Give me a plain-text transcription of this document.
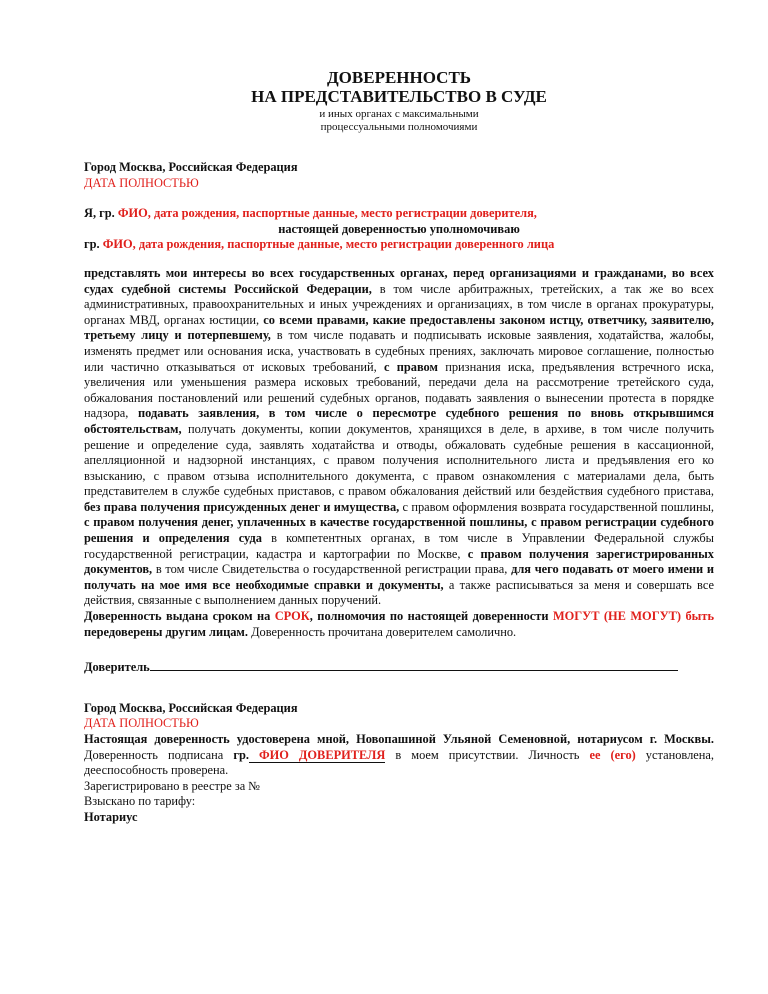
ДОВЕРЕННОСТЬ
НА ПРЕДСТАВИТЕЛЬСТВО В СУДЕ
и иных органах с максимальными
процессуальными полномочиями
Город Москва, Российская Федерация
ДАТА ПОЛНОСТЬЮ
Я, гр. ФИО, дата рождения, паспортные данные, место регистрации доверителя,
настоящей доверенностью уполномочиваю
гр. ФИО, дата рождения, паспортные данные, место регистрации доверенного лица
представлять мои интересы во всех государственных органах, перед организациями и гражданами, во всех судах судебной системы Российской Федерации, в том числе арбитражных, третейских, а так же во всех административных, правоохранительных и иных учреждениях и организациях, в том числе в органах прокуратуры, органах МВД, органах юстиции, со всеми правами, какие предоставлены законом истцу, ответчику, заявителю, третьему лицу и потерпевшему, в том числе подавать и подписывать исковые заявления, ходатайства, жалобы, изменять предмет или основания иска, участвовать в судебных прениях, заключать мировое соглашение, полностью или частично отказываться от исковых требований, с правом признания иска, предъявления встречного иска, увеличения или уменьшения размера исковых требований, передачи дела на рассмотрение третейского суда, обжалования постановлений или решений судебных органов, подавать заявления о вынесении протеста в порядке надзора, подавать заявления, в том числе о пересмотре судебного решения по вновь открывшимся обстоятельствам, получать документы, копии документов, хранящихся в деле, в архиве, в том числе получить решение и определение суда, заявлять ходатайства и отводы, обжаловать судебные решения в кассационной, апелляционной и надзорной инстанциях, с правом получения исполнительного листа и предъявления его ко взысканию, с правом отзыва исполнительного документа, с правом ознакомления с материалами дела, быть представителем в службе судебных приставов, с правом обжалования действий или бездействия судебного пристава, без права получения присужденных денег и имущества, с правом оформления возврата государственной пошлины, с правом получения денег, уплаченных в качестве государственной пошлины, с правом регистрации судебного решения и определения суда в компетентных органах, в том числе в Управлении Федеральной службы государственной регистрации, кадастра и картографии по Москве, с правом получения зарегистрированных документов, в том числе Свидетельства о государственной регистрации права, для чего подавать от моего имени и получать на мое имя все необходимые справки и документы, а также расписываться за меня и совершать все действия, связанные с выполнением данных поручений.
Доверенность выдана сроком на СРОК, полномочия по настоящей доверенности МОГУТ (НЕ МОГУТ) быть передоверены другим лицам. Доверенность прочитана доверителем самолично.
Доверитель
Город Москва, Российская Федерация
ДАТА ПОЛНОСТЬЮ
Настоящая доверенность удостоверена мной, Новопашиной Ульяной Семеновной, нотариусом г. Москвы. Доверенность подписана гр. ФИО ДОВЕРИТЕЛЯ в моем присутствии. Личность ее (его) установлена, дееспособность проверена.
Зарегистрировано в реестре за №
Взыскано по тарифу:
Нотариус
